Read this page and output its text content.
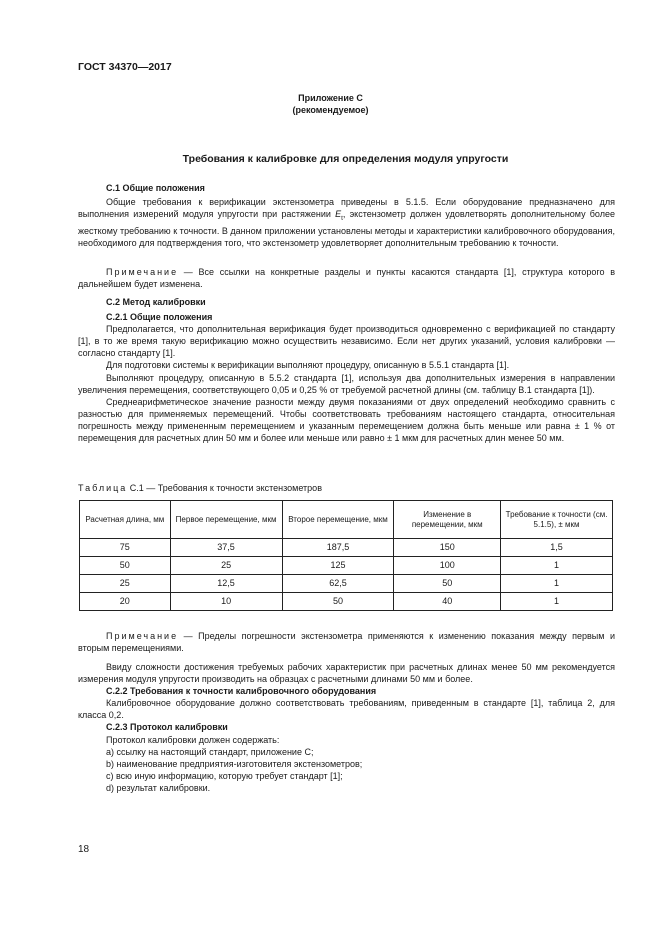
ГОСТ 34370—2017
Приложение С
(рекомендуемое)
Требования к калибровке для определения модуля упругости

С.1 Общие положения

Общие требования к верификации экстензометра приведены в 5.1.5. Если оборудование предназначено для выполнения измерений модуля упругости при растяжении $E_t$, экстензометр должен удовлетворять дополнительному более жесткому требованию к точности. В данном приложении установлены методы и характеристики калибровочного оборудования, необходимого для подтверждения того, что экстензометр удовлетворяет дополнительным требованию к точности.

Примечание — Все ссылки на конкретные разделы и пункты касаются стандарта [1], структура которого в дальнейшем будет изменена.

С.2 Метод калибровки

С.2.1 Общие положения

Предполагается, что дополнительная верификация будет производиться одновременно с верификацией по стандарту [1], в то же время такую верификацию можно осуществить независимо. Если нет других указаний, условия калибровки — согласно стандарту [1].

Для подготовки системы к верификации выполняют процедуру, описанную в 5.5.1 стандарта [1].

Выполняют процедуру, описанную в 5.5.2 стандарта [1], используя два дополнительных измерения в направлении увеличения перемещения, соответствующего 0,05 и 0,25 % от требуемой расчетной длины (см. таблицу В.1 стандарта [1]).

Среднеарифметическое значение разности между двумя показаниями от двух определений необходимо сравнить с разностью для применяемых перемещений. Чтобы соответствовать требованиям настоящего стандарта, относительная погрешность между примененным перемещением и указанным перемещением должна быть меньше или равна ± 1 % от перемещения для расчетных длин 50 мм и более или меньше или равно ± 1 мкм для расчетных длин менее 50 мм.

Таблица С.1 — Требования к точности экстензометров
Расчетная длина, мм	Первое перемещение, мкм	Второе перемещение, мкм	Изменение в перемещении, мкм	Требование к точности (см. 5.1.5), ± мкм
75	37,5	187,5	150	1,5
50	25	125	100	1
25	12,5	62,5	50	1
20	10	50	40	1

Примечание — Пределы погрешности экстензометра применяются к изменению показания между первым и вторым перемещениями.

Ввиду сложности достижения требуемых рабочих характеристик при расчетных длинах менее 50 мм рекомендуется измерения модуля упругости производить на образцах с расчетными длинами 50 мм и более.

С.2.2 Требования к точности калибровочного оборудования

Калибровочное оборудование должно соответствовать требованиям, приведенным в стандарте [1], таблица 2, для класса 0,2.

С.2.3 Протокол калибровки

Протокол калибровки должен содержать:

а) ссылку на настоящий стандарт, приложение С;

b) наименование предприятия-изготовителя экстензометров;

с) всю иную информацию, которую требует стандарт [1];

d) результат калибровки.

18
